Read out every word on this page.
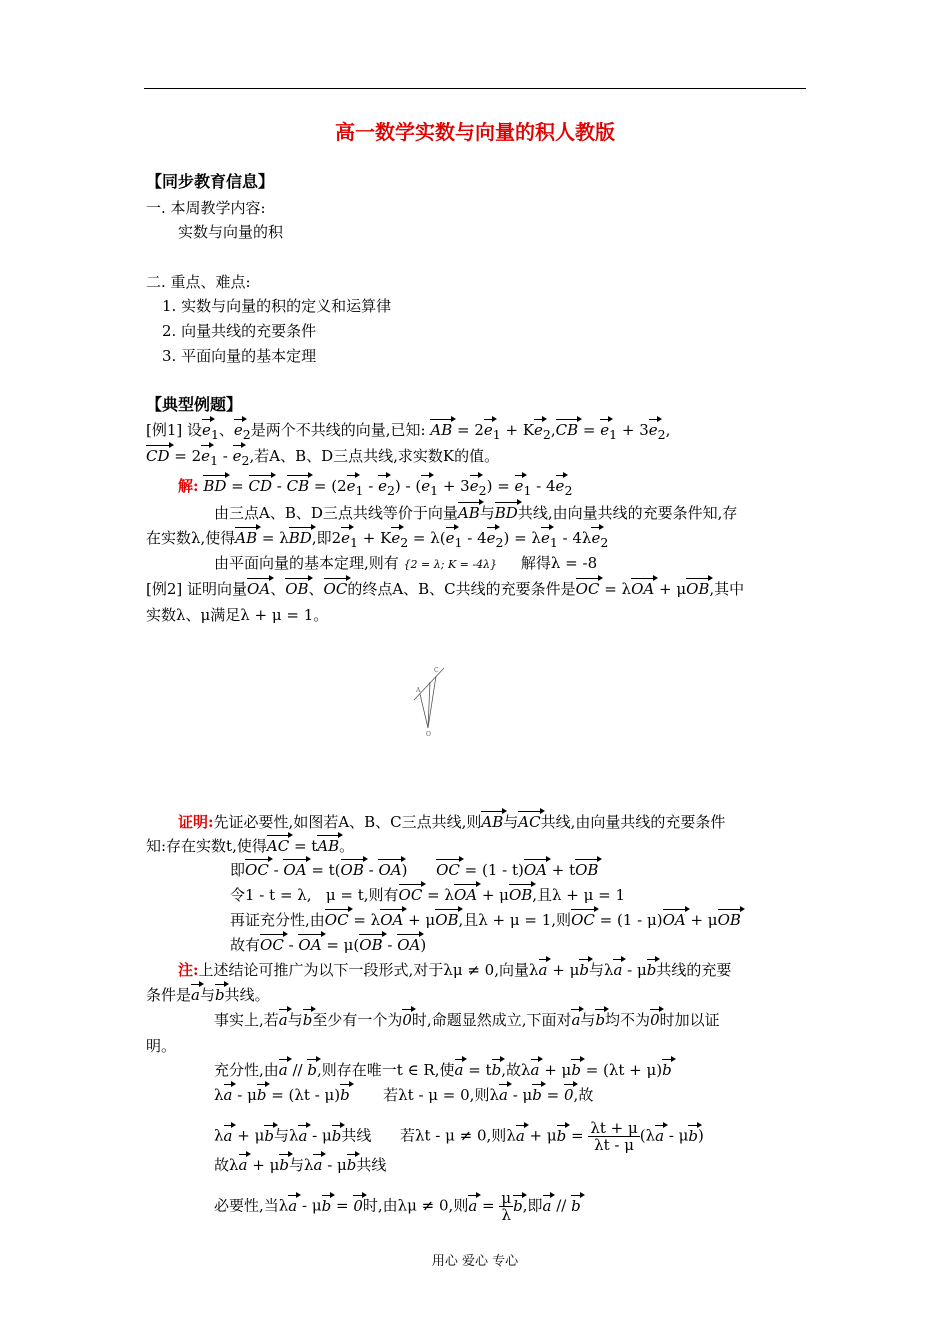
高一数学实数与向量的积人教版
【同步教育信息】
一. 本周教学内容:
实数与向量的积
二. 重点、难点:
1. 实数与向量的积的定义和运算律
2. 向量共线的充要条件
3. 平面向量的基本定理
【典型例题】
[例1] 设$e_1$、$e_2$是两个不共线的向量,已知: AB = $2e_1 + Ke_2,CB = e_1 + 3e_2$,
CD = $2e_1 - e_2$,若A、B、D三点共线,求实数K的值。
解: BD = CD - CB = $(2e_1 - e_2) - (e_1 + 3e_2) = e_1 - 4e_2$
由三点A、B、D三点共线等价于向量AB与BD共线,由向量共线的充要条件知,存
在实数λ,使得AB = λBD,即$2e_1 + Ke_2 = \lambda(e_1 - 4e_2) = \lambda e_1 - 4\lambda e_2$
由平面向量的基本定理,则有 {2 = λ; K = -4λ} 解得λ = -8
[例2] 证明向量OA、OB、OC的终点A、B、C共线的充要条件是OC = λOA + μOB,其中
实数λ、μ满足λ + μ = 1。
A
C
O
证明:先证必要性,如图若A、B、C三点共线,则AB与AC共线,由向量共线的充要条件
知:存在实数t,使得AC = tAB。
即OC - OA = t(OB - OA)      OC = (1 - t)OA + tOB
令1 - t = λ, μ = t,则有OC = λOA + μOB,且λ + μ = 1
再证充分性,由OC = λOA + μOB,且λ + μ = 1,则OC = (1 - μ)OA + μOB
故有OC - OA = μ(OB - OA)
注:上述结论可推广为以下一段形式,对于λμ ≠ 0,向量λa + μb与λa - μb共线的充要
条件是a与b共线。
事实上,若a与b至少有一个为0时,命题显然成立,下面对a与b均不为0时加以证
明。
充分性,由a // b,则存在唯一t ∈ R,使a = tb,故λa + μb = (λt + μ)b
λa - μb = (λt - μ)b 若λt - μ = 0,则λa - μb = 0,故
λa + μb与λa - μb共线 若λt - μ ≠ 0,则$\lambda a + \mu b = \frac{\lambda t + \mu}{\lambda t - \mu} (\lambda a - \mu b)$
故λa + μb与λa - μb共线
必要性,当λa - μb = 0时,由λμ ≠ 0,则$a = \frac{\mu}{\lambda} b$,即a // b
用心 爱心 专心
